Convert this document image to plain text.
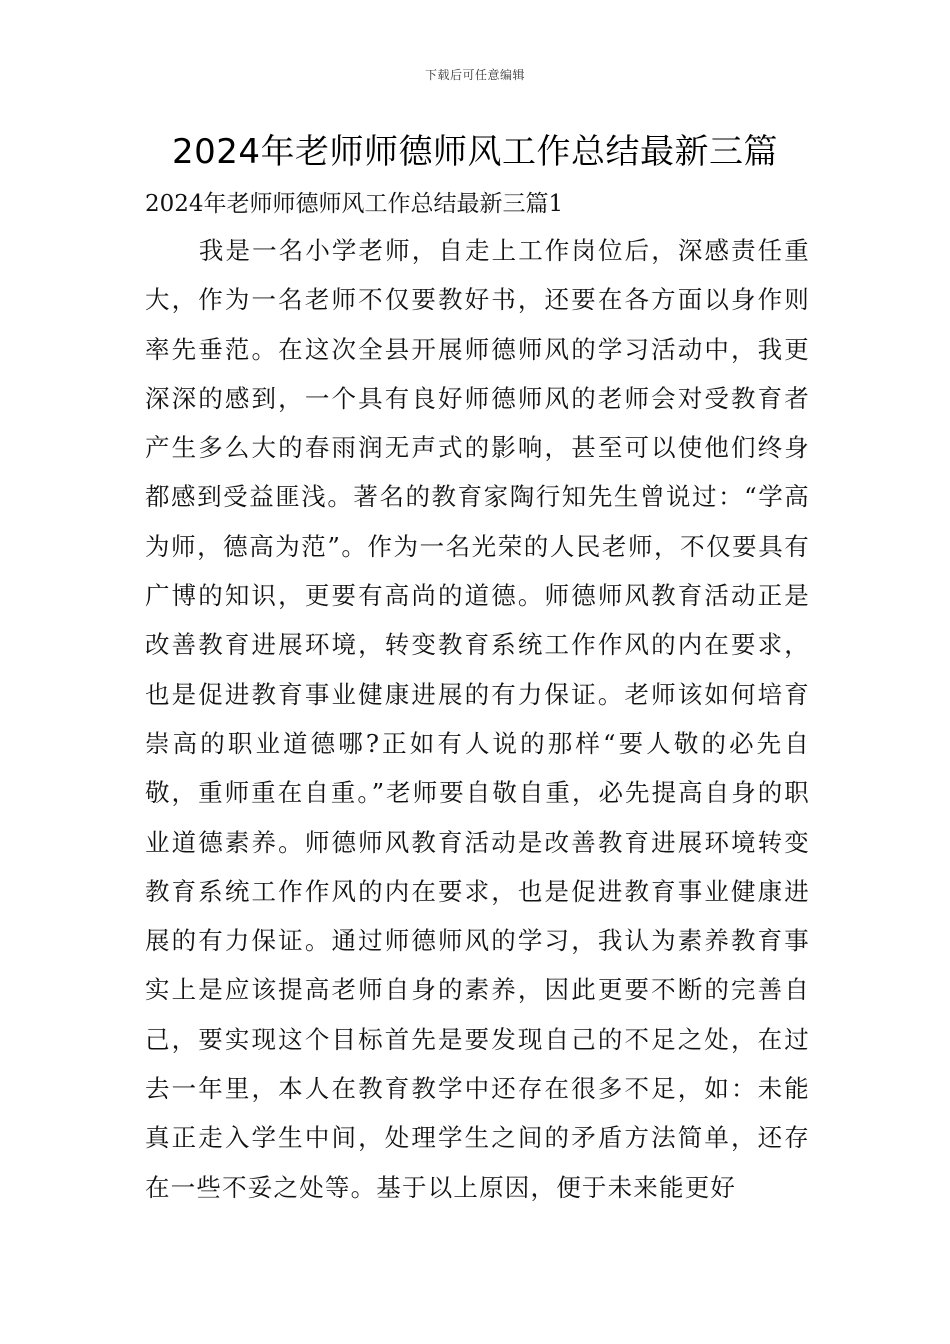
下载后可任意编辑
2024年老师师德师风工作总结最新三篇
2024年老师师德师风工作总结最新三篇1

我是一名小学老师，自走上工作岗位后，深感责任重大，作为一名老师不仅要教好书，还要在各方面以身作则率先垂范。在这次全县开展师德师风的学习活动中，我更深深的感到，一个具有良好师德师风的老师会对受教育者产生多么大的春雨润无声式的影响，甚至可以使他们终身都感到受益匪浅。著名的教育家陶行知先生曾说过：“学高为师，德高为范”。作为一名光荣的人民老师，不仅要具有广博的知识，更要有高尚的道德。师德师风教育活动正是改善教育进展环境，转变教育系统工作作风的内在要求，也是促进教育事业健康进展的有力保证。老师该如何培育崇高的职业道德哪?正如有人说的那样“要人敬的必先自敬，重师重在自重。”老师要自敬自重，必先提高自身的职业道德素养。师德师风教育活动是改善教育进展环境转变教育系统工作作风的内在要求，也是促进教育事业健康进展的有力保证。通过师德师风的学习，我认为素养教育事实上是应该提高老师自身的素养，因此更要不断的完善自己，要实现这个目标首先是要发现自己的不足之处，在过去一年里，本人在教育教学中还存在很多不足，如：未能真正走入学生中间，处理学生之间的矛盾方法简单，还存在一些不妥之处等。基于以上原因，便于未来能更好
